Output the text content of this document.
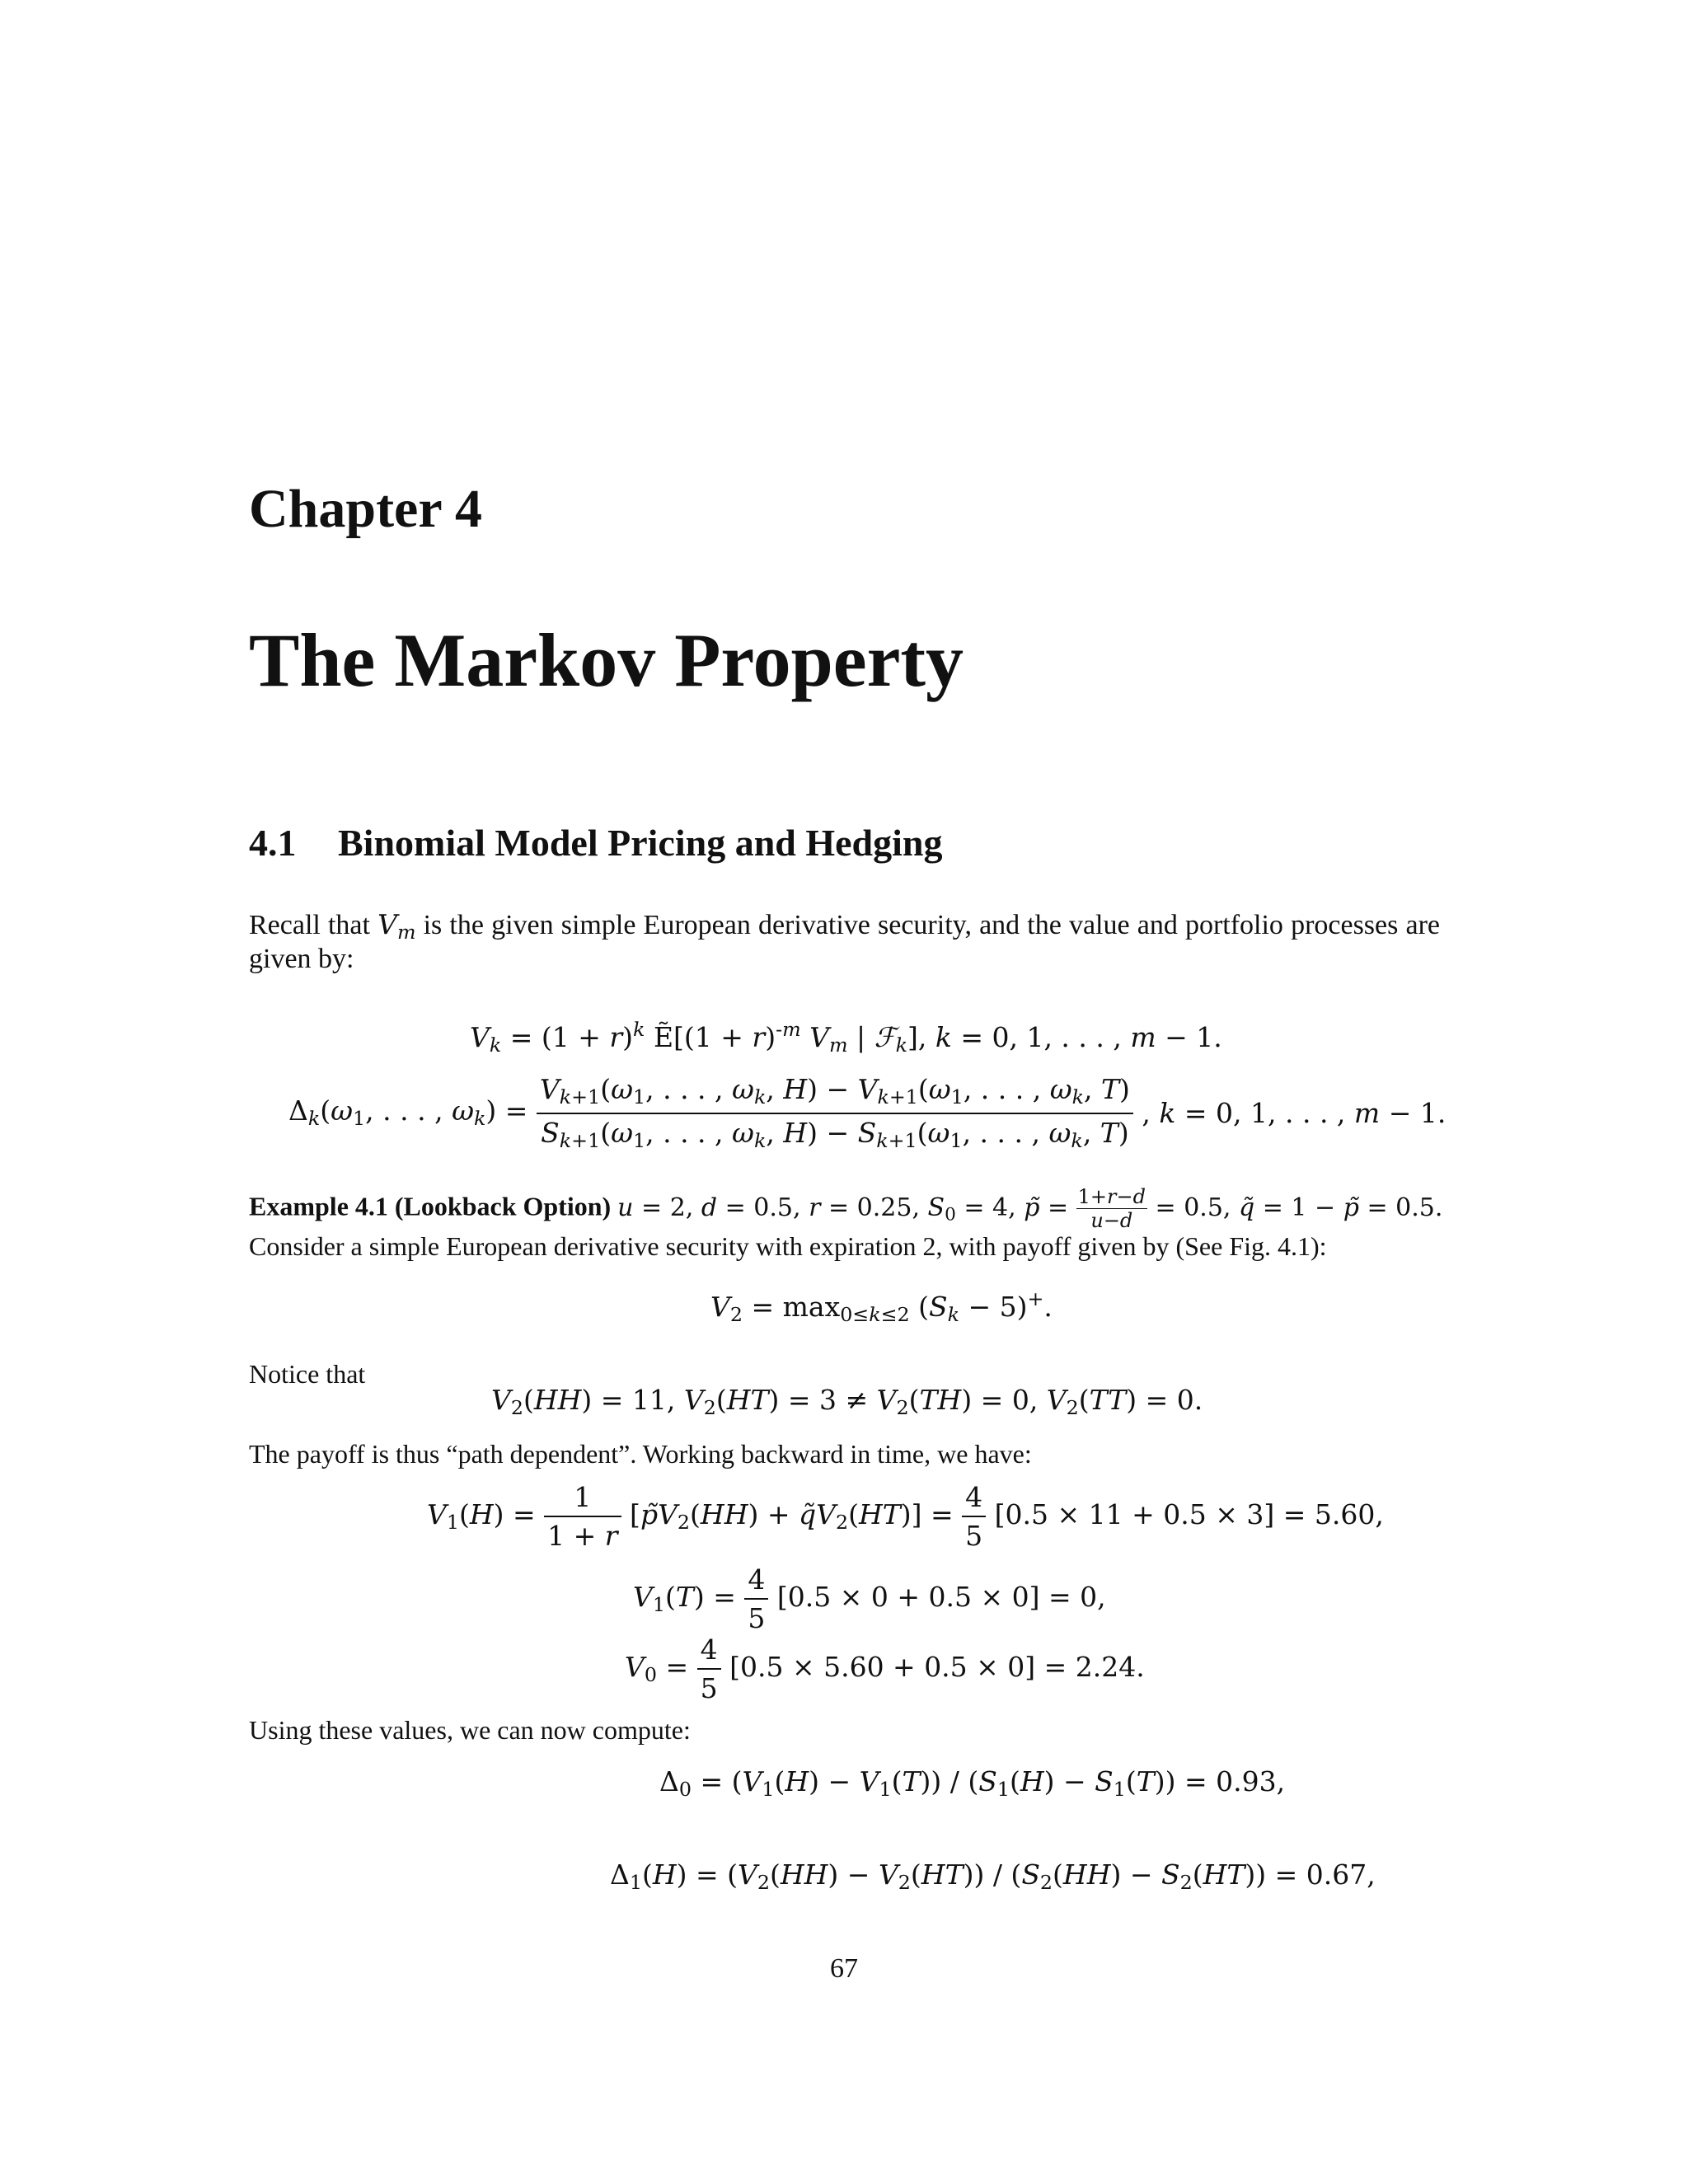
Chapter 4
The Markov Property
4.1 Binomial Model Pricing and Hedging
Recall that $V_m$ is the given simple European derivative security, and the value and portfolio processes are given by:
$V_k = (1 + r)^k$ Ẽ[(1 + r)$^{-m}$ $V_m$ | ℱ$_k$], k = 0, 1, . . . , m − 1.
$\Delta_k(\omega_1$, . . . , $\omega_k) = \frac{V_{k+1}(\omega_1, . . . , \omega_k, H) - V_{k+1}(\omega_1, . . . , \omega_k, T)}{S_{k+1}(\omega_1, . . . , \omega_k, H) - S_{k+1}(\omega_1, . . . , \omega_k, T)}$ , k = 0, 1, . . . , m − 1.
Example 4.1 (Lookback Option) u = 2, d = 0.5, r = 0.25, $S_0 = 4$, $p = \frac{1+r-d}{u-d} = 0.5$, q = 1 − p = 0.5.
Consider a simple European derivative security with expiration 2, with payoff given by (See Fig. 4.1):
$V_2 = \max_{0\le k\le 2} (S_k - 5)^+$.
Notice that
$V_2(HH) = 11$, $V_2(HT) = 3 \ne V_2(TH) = 0$, $V_2(TT) = 0$.
The payoff is thus “path dependent”. Working backward in time, we have:
$V_1(H) = \frac{1}{1 + r} [pV_2(HH) + qV_2(HT)] = \frac{4}{5} [0.5 \times 11 + 0.5 \times 3] = 5.60$,
$V_1(T) = \frac{4}{5} [0.5 \times 0 + 0.5 \times 0] = 0$,
$V_0 = \frac{4}{5} [0.5 \times 5.60 + 0.5 \times 0] = 2.24$.
Using these values, we can now compute:
$\Delta_0 = (V_1(H) - V_1(T)) / (S_1(H) - S_1(T)) = 0.93$,
$\Delta_1(H) = (V_2(HH) - V_2(HT)) / (S_2(HH) - S_2(HT)) = 0.67$,
67
